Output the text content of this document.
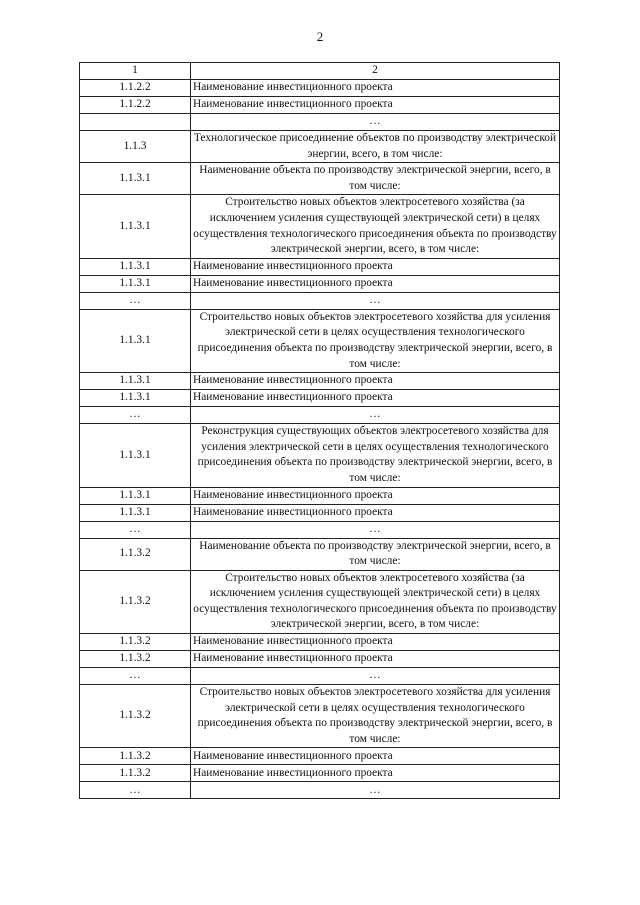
2
1	2
1.1.2.2	Наименование инвестиционного проекта
1.1.2.2	Наименование инвестиционного проекта
	…
1.1.3	Технологическое присоединение объектов по производству электрической энергии, всего, в том числе:
1.1.3.1	Наименование объекта по производству электрической энергии, всего, в том числе:
1.1.3.1	Строительство новых объектов электросетевого хозяйства (за исключением усиления существующей электрической сети) в целях осуществления технологического присоединения объекта по производству электрической энергии, всего, в том числе:
1.1.3.1	Наименование инвестиционного проекта
1.1.3.1	Наименование инвестиционного проекта
…	…
1.1.3.1	Строительство новых объектов электросетевого хозяйства для усиления электрической сети в целях осуществления технологического присоединения объекта по производству электрической энергии, всего, в том числе:
1.1.3.1	Наименование инвестиционного проекта
1.1.3.1	Наименование инвестиционного проекта
…	…
1.1.3.1	Реконструкция существующих объектов электросетевого хозяйства для усиления электрической сети в целях осуществления технологического присоединения объекта по производству электрической энергии, всего, в том числе:
1.1.3.1	Наименование инвестиционного проекта
1.1.3.1	Наименование инвестиционного проекта
…	…
1.1.3.2	Наименование объекта по производству электрической энергии, всего, в том числе:
1.1.3.2	Строительство новых объектов электросетевого хозяйства (за исключением усиления существующей электрической сети) в целях осуществления технологического присоединения объекта по производству электрической энергии, всего, в том числе:
1.1.3.2	Наименование инвестиционного проекта
1.1.3.2	Наименование инвестиционного проекта
…	…
1.1.3.2	Строительство новых объектов электросетевого хозяйства для усиления электрической сети в целях осуществления технологического присоединения объекта по производству электрической энергии, всего, в том числе:
1.1.3.2	Наименование инвестиционного проекта
1.1.3.2	Наименование инвестиционного проекта
…	…
